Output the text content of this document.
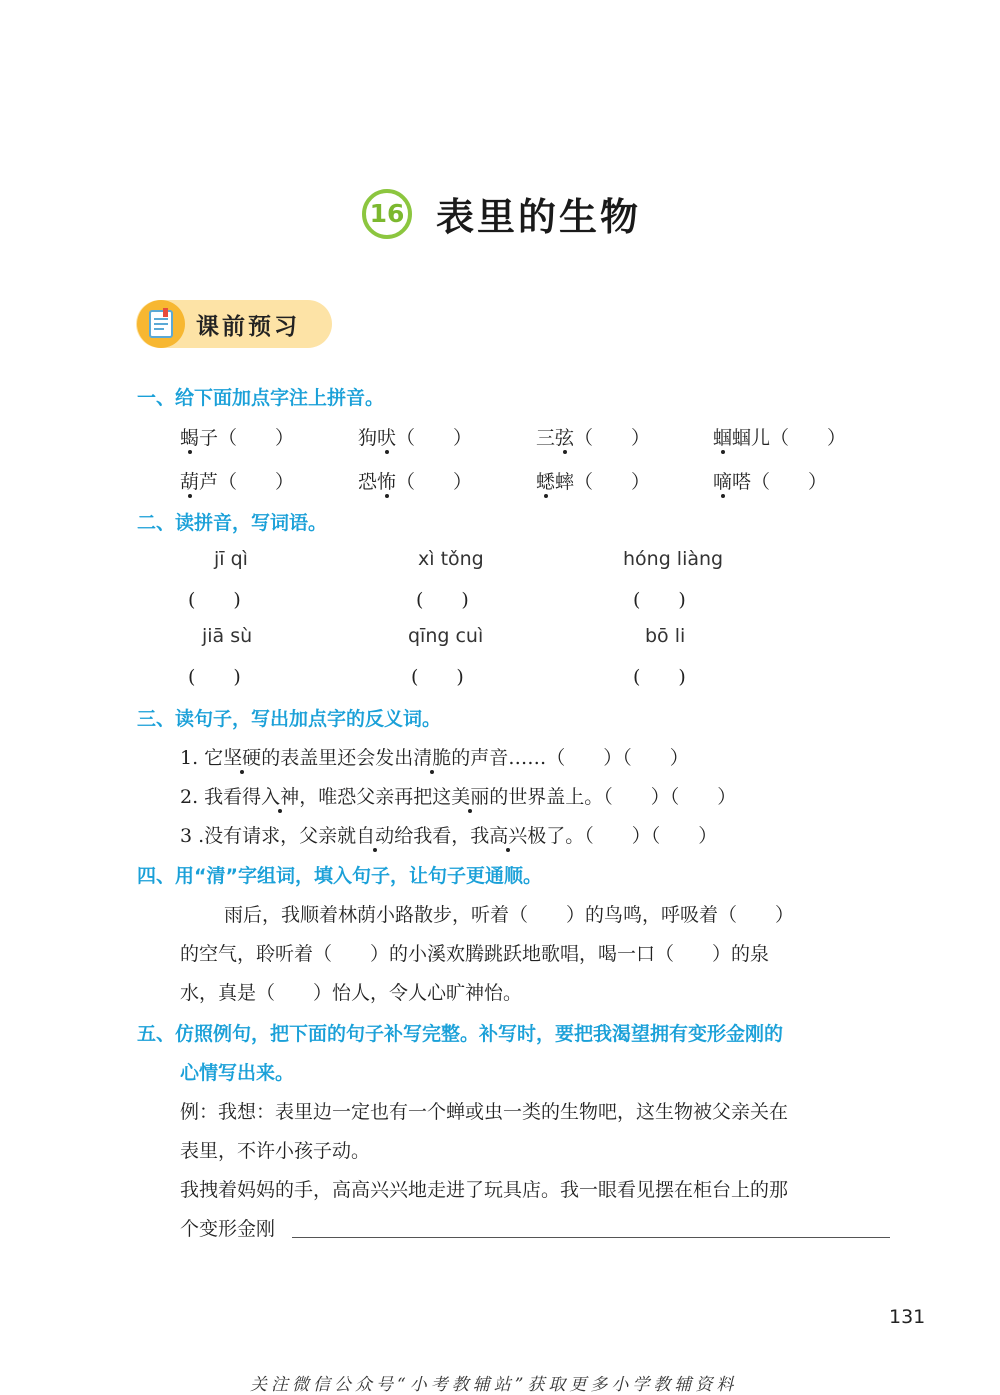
16 表里的生物
课前预习
一、给下面加点字注上拼音。
蝎子（　　）	狗吠（　　）	三弦（　　）	蝈蝈儿（　　）
葫芦（　　）	恐怖（　　）	蟋蟀（　　）	嘀嗒（　　）
二、读拼音，写词语。
jī qì	xì tǒng	hóng liàng
(　　)	(　　)	(　　)
jiā sù	qīng cuì	bō li
(　　)	(　　)	(　　)
三、读句子，写出加点字的反义词。
1. 它坚硬的表盖里还会发出清脆的声音……（　　）（　　）
2. 我看得入神，唯恐父亲再把这美丽的世界盖上。（　　）（　　）
3 .没有请求，父亲就自动给我看，我高兴极了。（　　）（　　）
四、用“清”字组词，填入句子，让句子更通顺。
雨后，我顺着林荫小路散步，听着（　　）的鸟鸣，呼吸着（　　）
的空气，聆听着（　　）的小溪欢腾跳跃地歌唱，喝一口（　　）的泉
水，真是（　　）怡人，令人心旷神怡。
五、仿照例句，把下面的句子补写完整。补写时，要把我渴望拥有变形金刚的
心情写出来。
例：我想：表里边一定也有一个蝉或虫一类的生物吧，这生物被父亲关在
表里，不许小孩子动。
我拽着妈妈的手，高高兴兴地走进了玩具店。我一眼看见摆在柜台上的那
个变形金刚
131
关注微信公众号“小考教辅站”获取更多小学教辅资料
